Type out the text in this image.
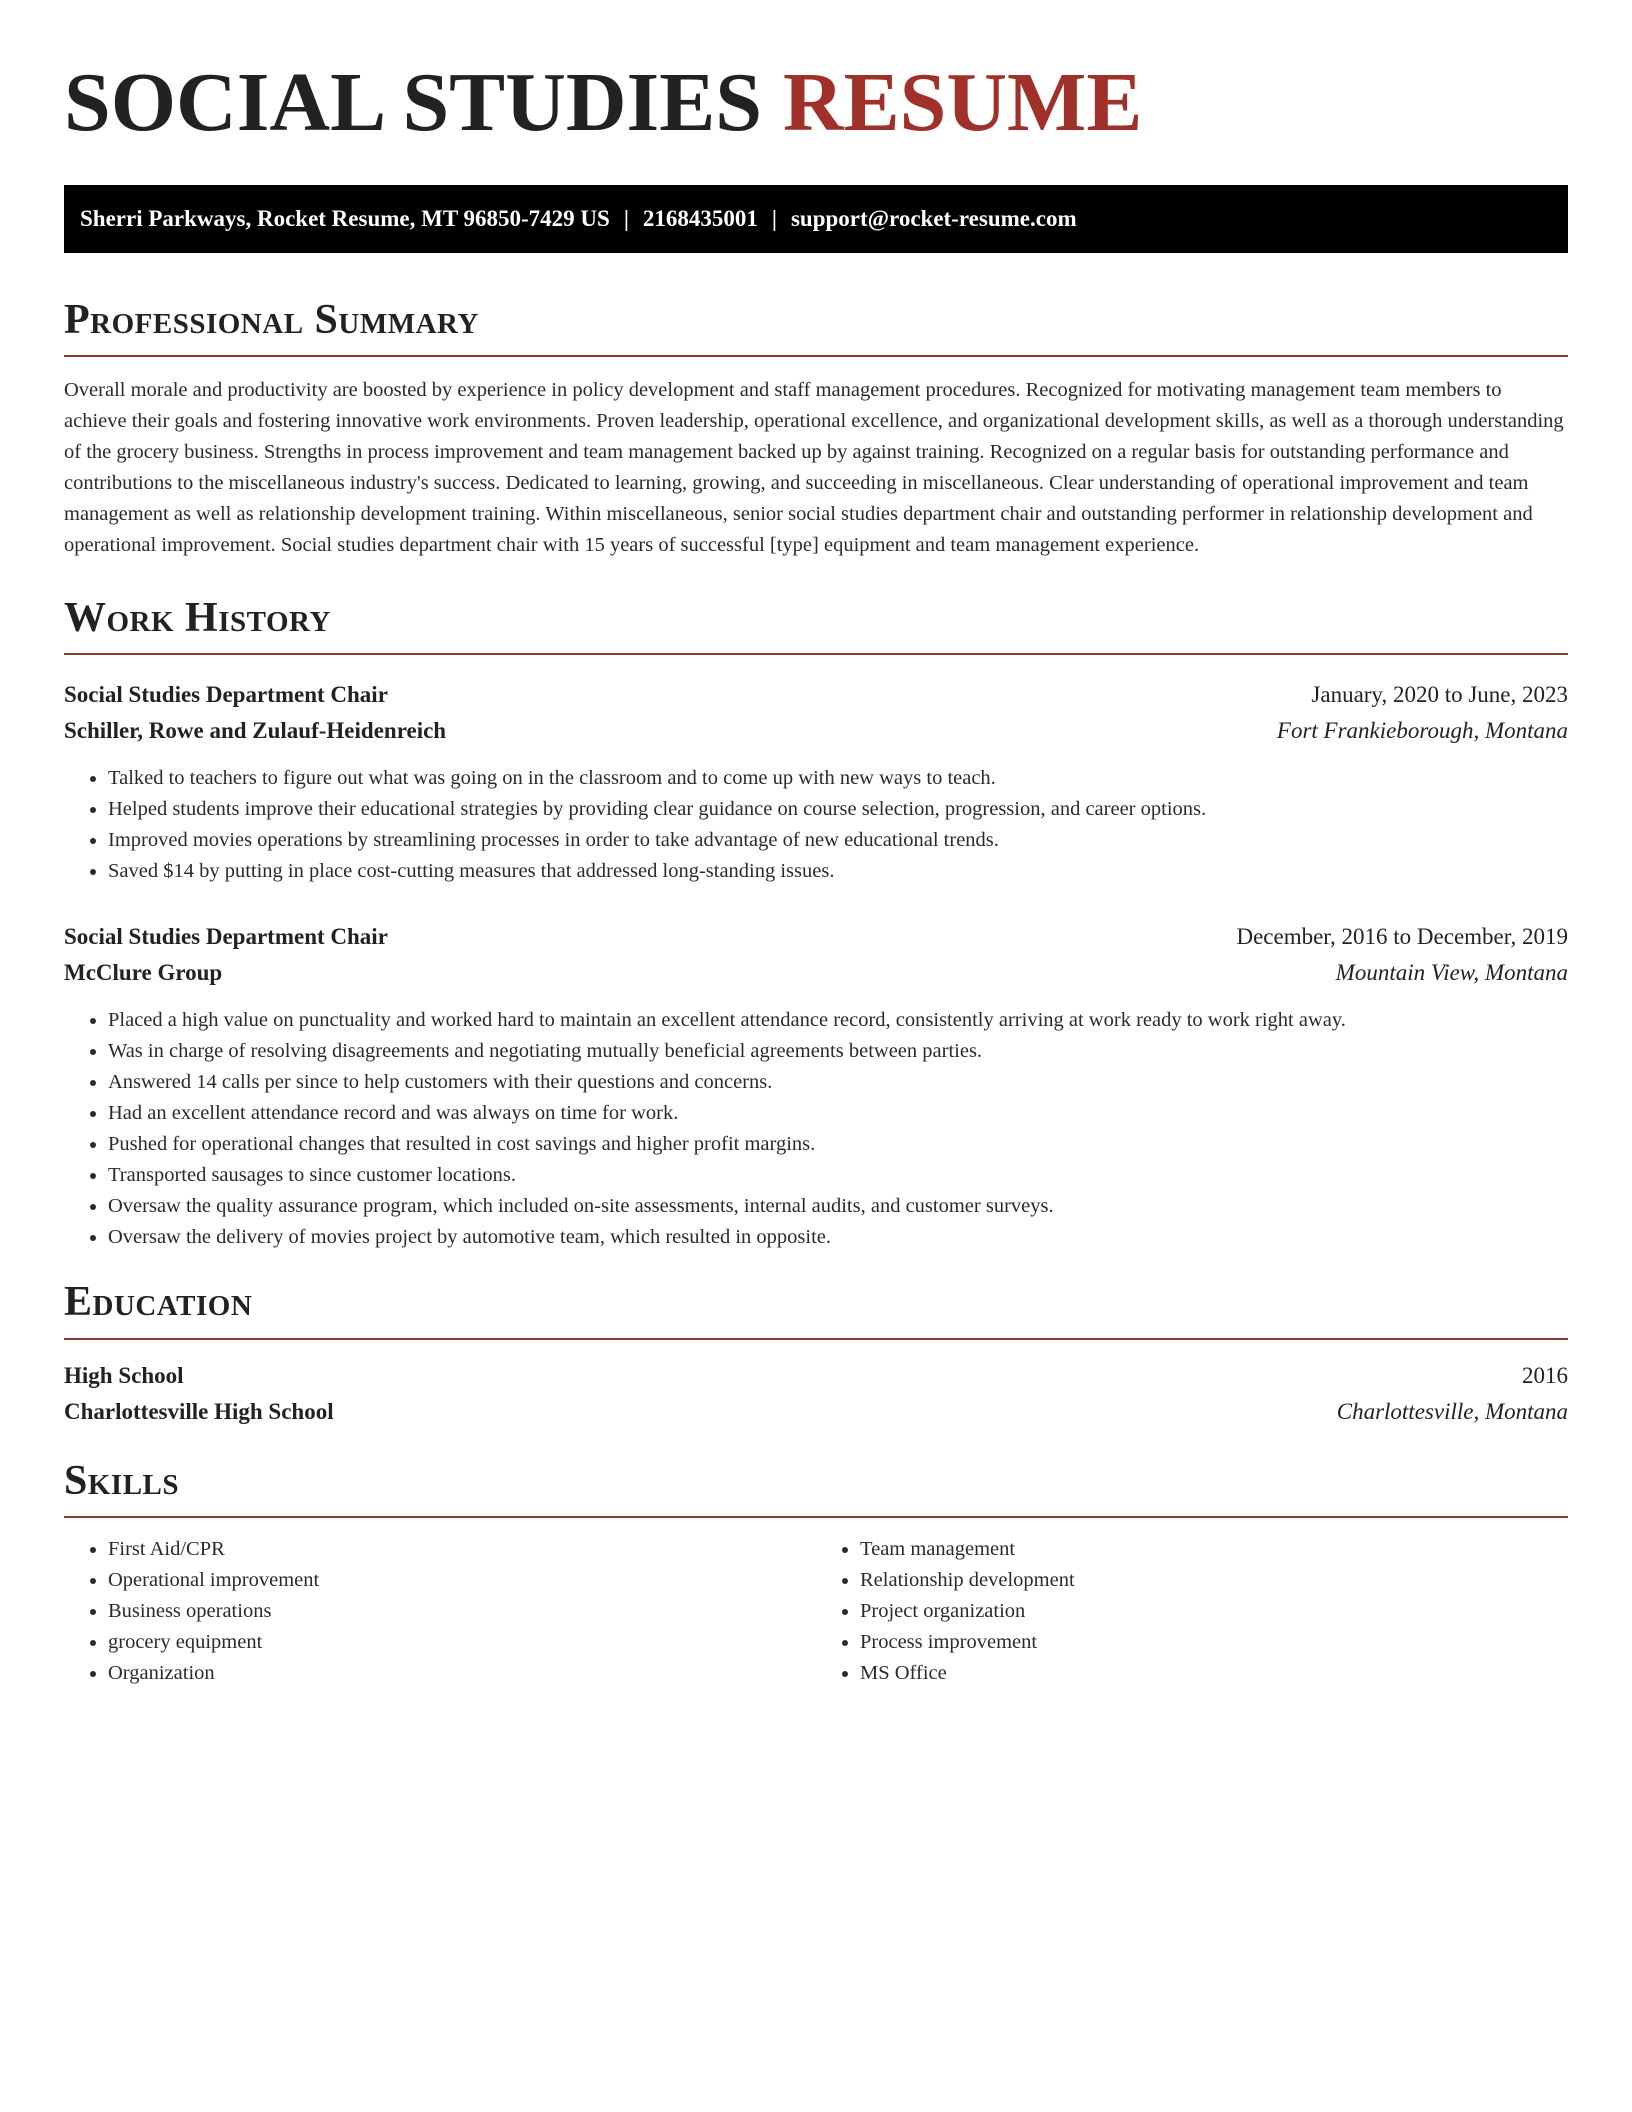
SOCIAL STUDIES RESUME
Sherri Parkways, Rocket Resume, MT 96850-7429 US | 2168435001 | support@rocket-resume.com
Professional Summary

Overall morale and productivity are boosted by experience in policy development and staff management procedures. Recognized for motivating management team members to achieve their goals and fostering innovative work environments. Proven leadership, operational excellence, and organizational development skills, as well as a thorough understanding of the grocery business. Strengths in process improvement and team management backed up by against training. Recognized on a regular basis for outstanding performance and contributions to the miscellaneous industry's success. Dedicated to learning, growing, and succeeding in miscellaneous. Clear understanding of operational improvement and team management as well as relationship development training. Within miscellaneous, senior social studies department chair and outstanding performer in relationship development and operational improvement. Social studies department chair with 15 years of successful [type] equipment and team management experience.

Work History
Social Studies Department Chair	January, 2020 to June, 2023
Schiller, Rowe and Zulauf-Heidenreich	Fort Frankieborough, Montana
• Talked to teachers to figure out what was going on in the classroom and to come up with new ways to teach.
• Helped students improve their educational strategies by providing clear guidance on course selection, progression, and career options.
• Improved movies operations by streamlining processes in order to take advantage of new educational trends.
• Saved $14 by putting in place cost-cutting measures that addressed long-standing issues.
Social Studies Department Chair	December, 2016 to December, 2019
McClure Group	Mountain View, Montana
• Placed a high value on punctuality and worked hard to maintain an excellent attendance record, consistently arriving at work ready to work right away.
• Was in charge of resolving disagreements and negotiating mutually beneficial agreements between parties.
• Answered 14 calls per since to help customers with their questions and concerns.
• Had an excellent attendance record and was always on time for work.
• Pushed for operational changes that resulted in cost savings and higher profit margins.
• Transported sausages to since customer locations.
• Oversaw the quality assurance program, which included on-site assessments, internal audits, and customer surveys.
• Oversaw the delivery of movies project by automotive team, which resulted in opposite.
Education
High School	2016
Charlottesville High School	Charlottesville, Montana
Skills
• First Aid/CPR
• Operational improvement
• Business operations
• grocery equipment
• Organization
• Team management
• Relationship development
• Project organization
• Process improvement
• MS Office
